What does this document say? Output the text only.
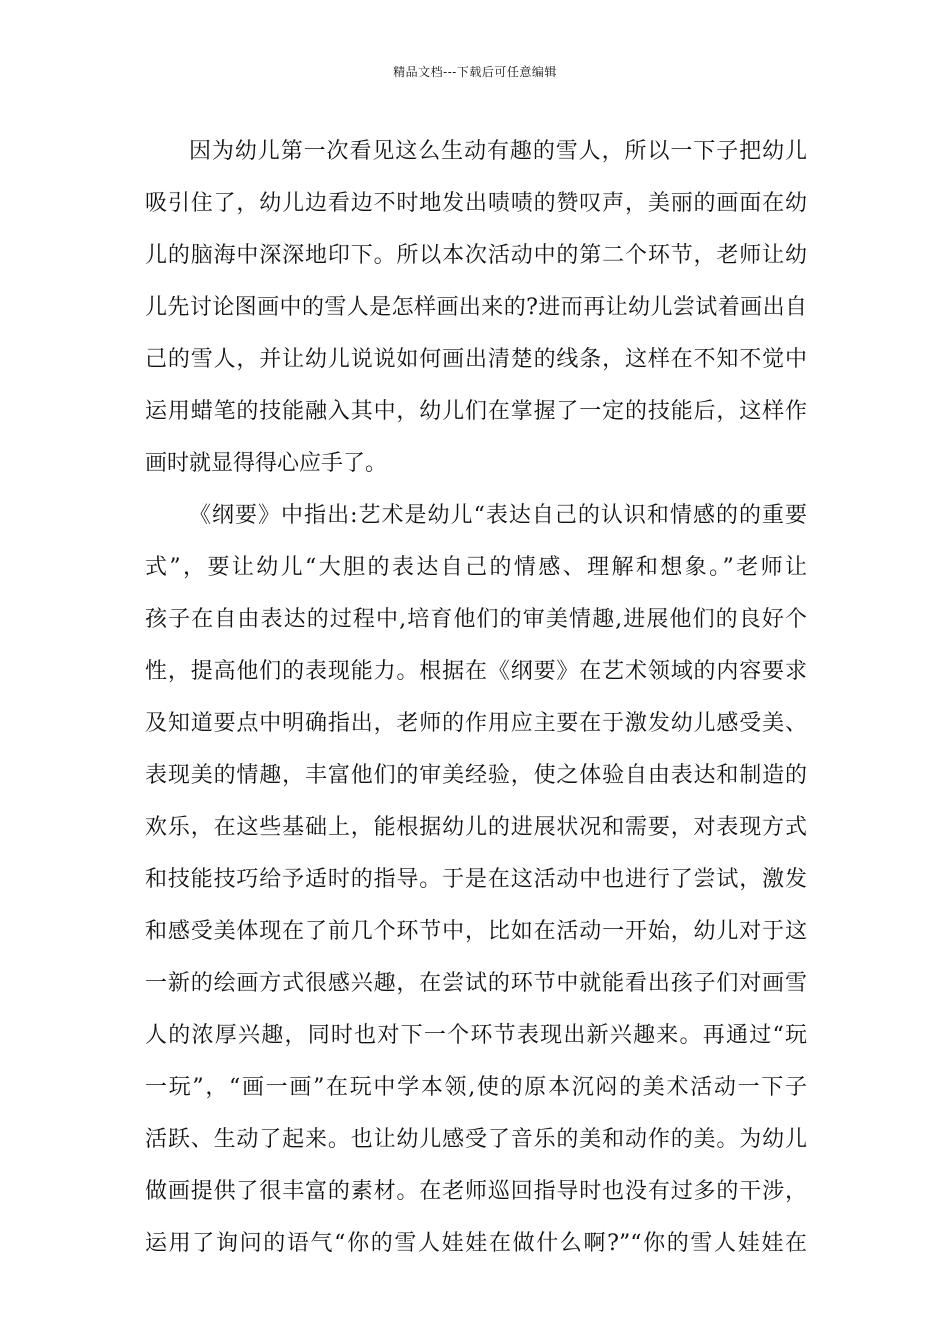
精品文档---下载后可任意编辑
因为幼儿第一次看见这么生动有趣的雪人，所以一下子把幼儿
吸引住了，幼儿边看边不时地发出啧啧的赞叹声，美丽的画面在幼
儿的脑海中深深地印下。所以本次活动中的第二个环节，老师让幼
儿先讨论图画中的雪人是怎样画出来的?进而再让幼儿尝试着画出自
己的雪人，并让幼儿说说如何画出清楚的线条，这样在不知不觉中
运用蜡笔的技能融入其中，幼儿们在掌握了一定的技能后，这样作
画时就显得得心应手了。
《纲要》中指出:艺术是幼儿“表达自己的认识和情感的的重要
式”，要让幼儿“大胆的表达自己的情感、理解和想象。”老师让
孩子在自由表达的过程中,培育他们的审美情趣,进展他们的良好个
性，提高他们的表现能力。根据在《纲要》在艺术领域的内容要求
及知道要点中明确指出，老师的作用应主要在于激发幼儿感受美、
表现美的情趣，丰富他们的审美经验，使之体验自由表达和制造的
欢乐，在这些基础上，能根据幼儿的进展状况和需要，对表现方式
和技能技巧给予适时的指导。于是在这活动中也进行了尝试，激发
和感受美体现在了前几个环节中，比如在活动一开始，幼儿对于这
一新的绘画方式很感兴趣，在尝试的环节中就能看出孩子们对画雪
人的浓厚兴趣，同时也对下一个环节表现出新兴趣来。再通过“玩
一玩”，“画一画”在玩中学本领,使的原本沉闷的美术活动一下子
活跃、生动了起来。也让幼儿感受了音乐的美和动作的美。为幼儿
做画提供了很丰富的素材。在老师巡回指导时也没有过多的干涉，
运用了询问的语气“你的雪人娃娃在做什么啊?”“你的雪人娃娃在
